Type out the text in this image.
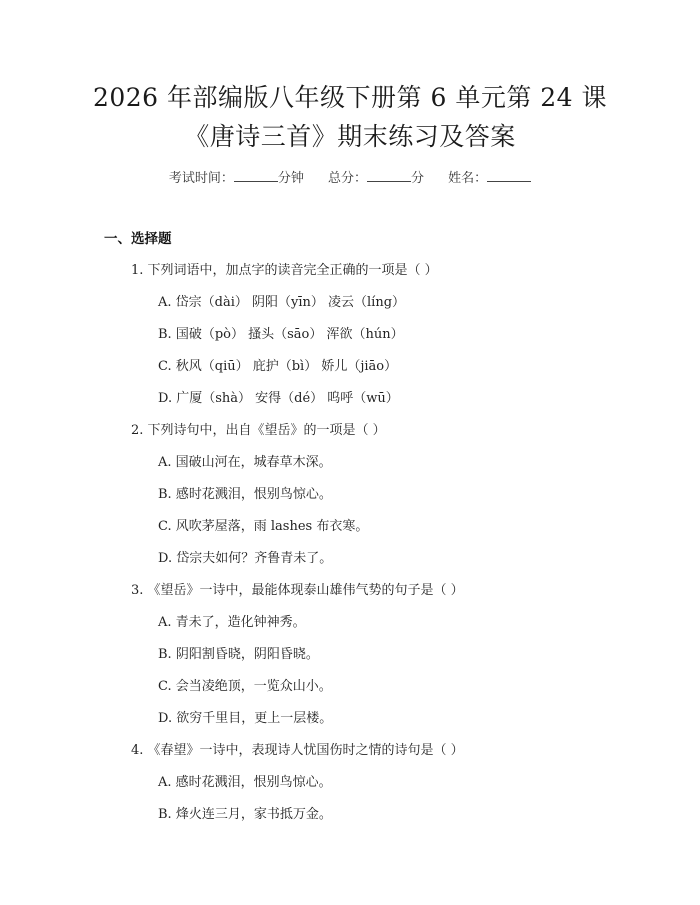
2026 年部编版八年级下册第 6 单元第 24 课
《唐诗三首》期末练习及答案
考试时间：	分钟 总分：	分 姓名：
一、选择题
1. 下列词语中，加点字的读音完全正确的一项是（ ）
A. 岱宗（dài） 阴阳（yīn） 凌云（líng）
B. 国破（pò） 搔头（sāo） 浑欲（hún）
C. 秋风（qiū） 庇护（bì） 娇儿（jiāo）
D. 广厦（shà） 安得（dé） 呜呼（wū）
2. 下列诗句中，出自《望岳》的一项是（ ）
A. 国破山河在，城春草木深。
B. 感时花溅泪，恨别鸟惊心。
C. 风吹茅屋落，雨 lashes 布衣寒。
D. 岱宗夫如何？齐鲁青未了。
3. 《望岳》一诗中，最能体现泰山雄伟气势的句子是（ ）
A. 青未了，造化钟神秀。
B. 阴阳割昏晓，阴阳昏晓。
C. 会当凌绝顶，一览众山小。
D. 欲穷千里目，更上一层楼。
4. 《春望》一诗中，表现诗人忧国伤时之情的诗句是（ ）
A. 感时花溅泪，恨别鸟惊心。
B. 烽火连三月，家书抵万金。
